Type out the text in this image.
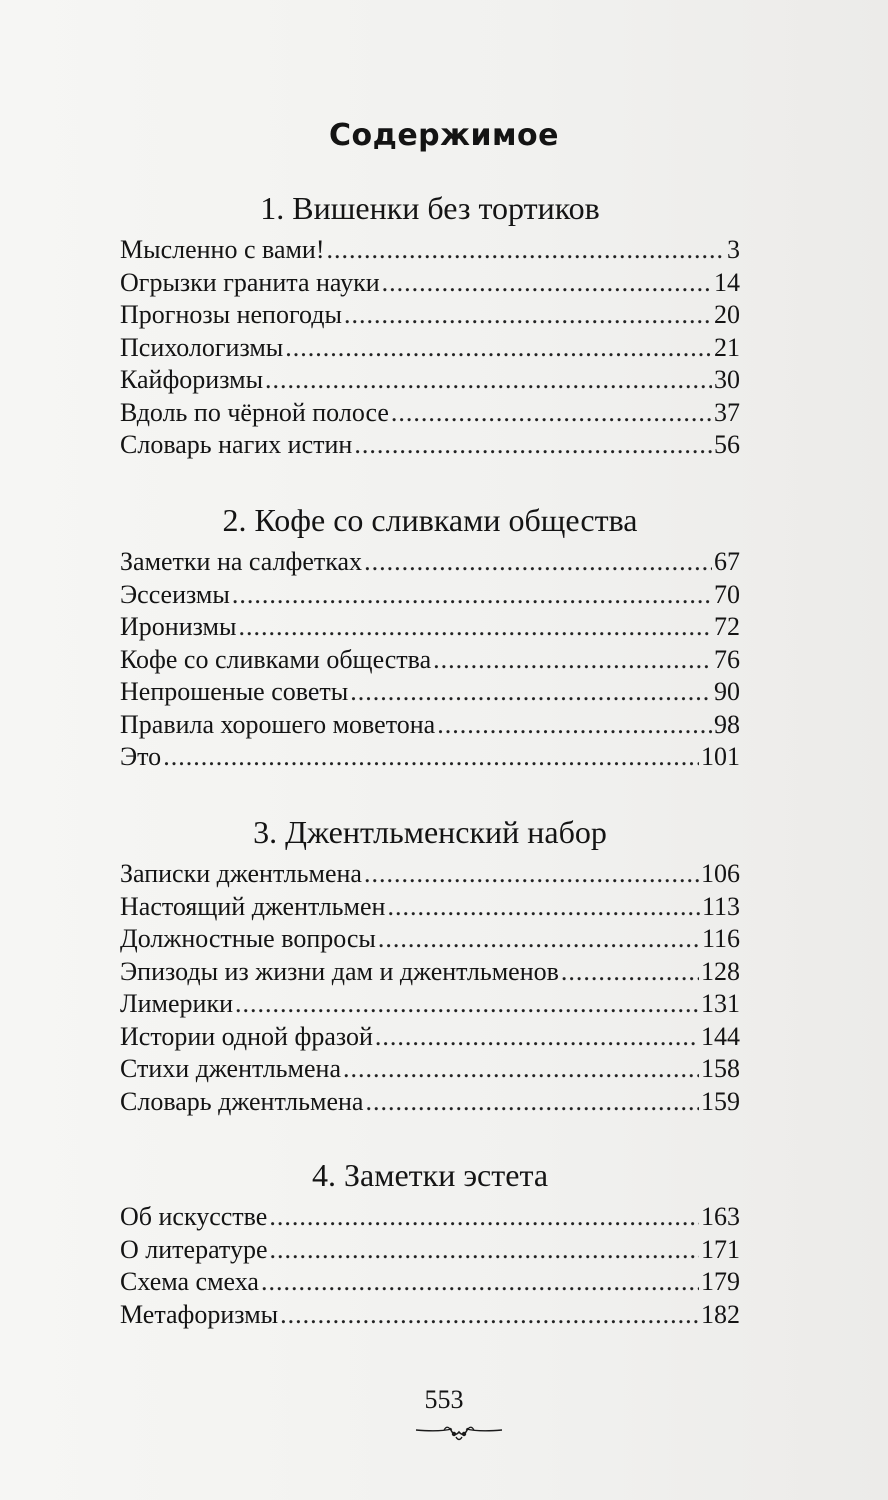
Содержимое
1. Вишенки без тортиков
Мысленно с вами! .....	3
Огрызки гранита науки .....	14
Прогнозы непогоды .....	20
Психологизмы .....	21
Кайфоризмы .....	30
Вдоль по чёрной полосе .....	37
Словарь нагих истин .....	56
2. Кофе со сливками общества
Заметки на салфетках .....	67
Эссеизмы .....	70
Иронизмы .....	72
Кофе со сливками общества .....	76
Непрошеные советы .....	90
Правила хорошего моветона .....	98
Это .....	101
3. Джентльменский набор
Записки джентльмена .....	106
Настоящий джентльмен .....	113
Должностные вопросы .....	116
Эпизоды из жизни дам и джентльменов .....	128
Лимерики .....	131
Истории одной фразой .....	144
Стихи джентльмена .....	158
Словарь джентльмена .....	159
4. Заметки эстета
Об искусстве .....	163
О литературе .....	171
Схема смеха .....	179
Метафоризмы .....	182
553
